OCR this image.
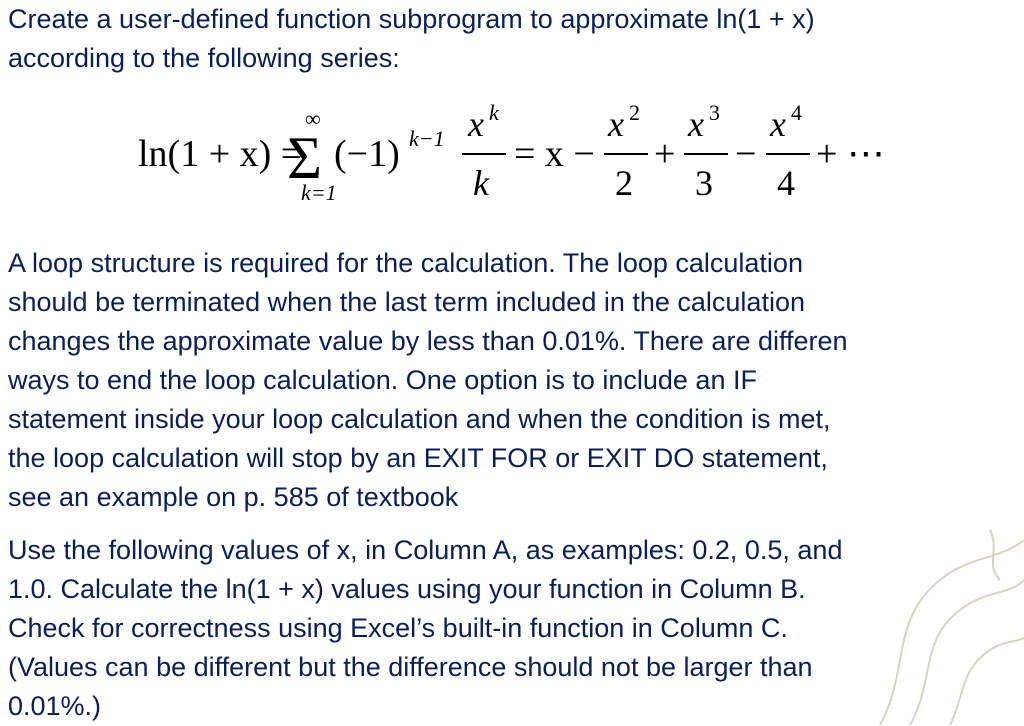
Create a user-defined function subprogram to approximate ln(1 + x)
according to the following series:
ln(1 + x) =
Σ
∞
k=1
(−1) k−1 x k
k
= x −
x 2
2
+
x 3
3
−
x 4
4
+ ⋯
A loop structure is required for the calculation. The loop calculation
should be terminated when the last term included in the calculation
changes the approximate value by less than 0.01%. There are differen
ways to end the loop calculation. One option is to include an IF
statement inside your loop calculation and when the condition is met,
the loop calculation will stop by an EXIT FOR or EXIT DO statement,
see an example on p. 585 of textbook
Use the following values of x, in Column A, as examples: 0.2, 0.5, and
1.0. Calculate the ln(1 + x) values using your function in Column B.
Check for correctness using Excel’s built-in function in Column C.
(Values can be different but the difference should not be larger than
0.01%.)
